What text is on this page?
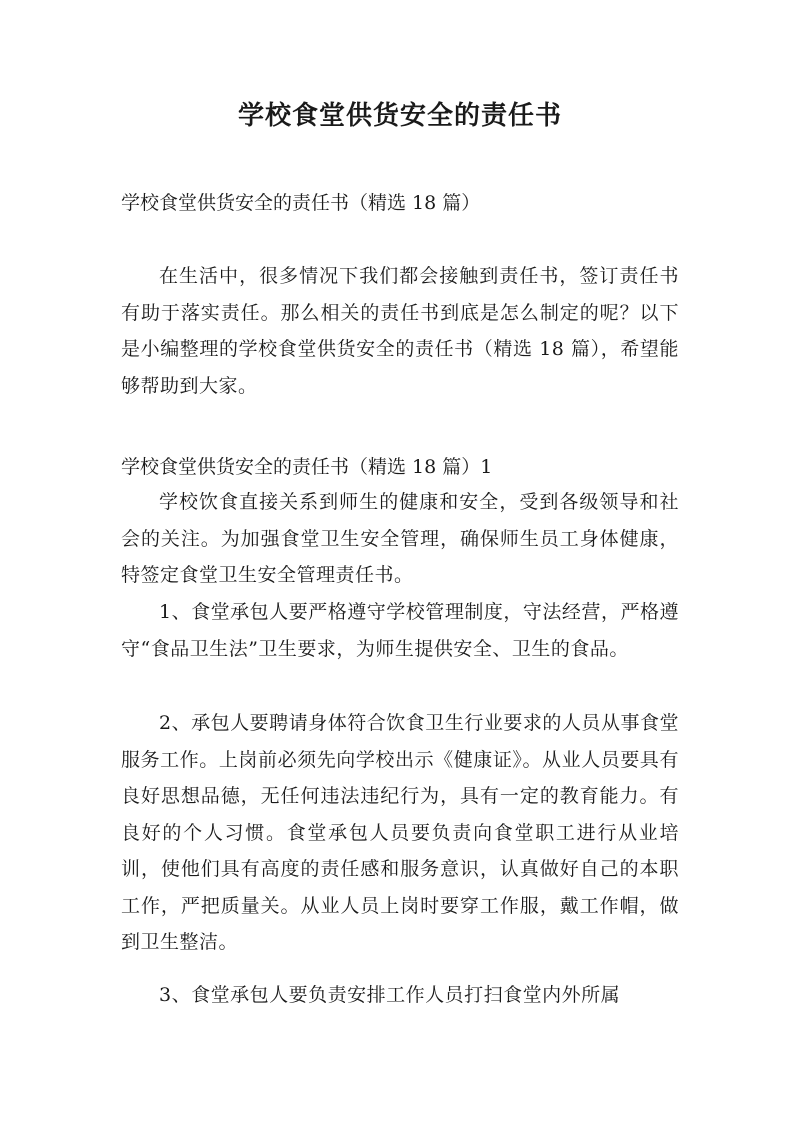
学校食堂供货安全的责任书

学校食堂供货安全的责任书（精选 18 篇）

在生活中，很多情况下我们都会接触到责任书，签订责任书有助于落实责任。那么相关的责任书到底是怎么制定的呢？以下是小编整理的学校食堂供货安全的责任书（精选 18 篇），希望能够帮助到大家。

学校食堂供货安全的责任书（精选 18 篇）1

学校饮食直接关系到师生的健康和安全，受到各级领导和社会的关注。为加强食堂卫生安全管理，确保师生员工身体健康，特签定食堂卫生安全管理责任书。

1、食堂承包人要严格遵守学校管理制度，守法经营，严格遵守“食品卫生法”卫生要求，为师生提供安全、卫生的食品。

2、承包人要聘请身体符合饮食卫生行业要求的人员从事食堂服务工作。上岗前必须先向学校出示《健康证》。从业人员要具有良好思想品德，无任何违法违纪行为，具有一定的教育能力。有良好的个人习惯。食堂承包人员要负责向食堂职工进行从业培训，使他们具有高度的责任感和服务意识，认真做好自己的本职工作，严把质量关。从业人员上岗时要穿工作服，戴工作帽，做到卫生整洁。

3、食堂承包人要负责安排工作人员打扫食堂内外所属
